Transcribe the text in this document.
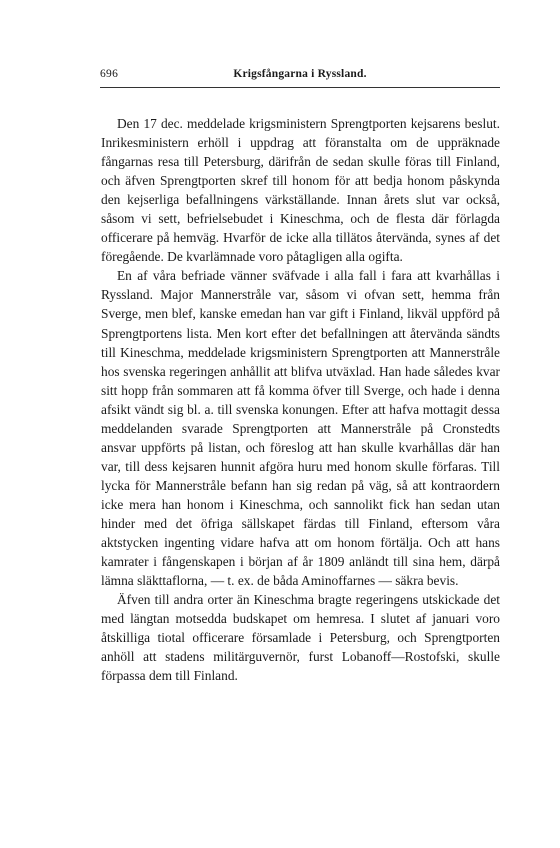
696	Krigsfångarna i Ryssland.

Den 17 dec. meddelade krigsministern Sprengtporten kejsarens beslut. Inrikesministern erhöll i uppdrag att föranstalta om de uppräknade fångarnas resa till Petersburg, därifrån de sedan skulle föras till Finland, och äfven Sprengtporten skref till honom för att bedja honom påskynda den kejserliga befallningens värkställande. Innan årets slut var också, såsom vi sett, befrielsebudet i Kineschma, och de flesta där förlagda officerare på hemväg. Hvarför de icke alla tillätos återvända, synes af det föregående. De kvarlämnade voro påtagligen alla ogifta.

En af våra befriade vänner sväfvade i alla fall i fara att kvarhållas i Ryssland. Major Mannerstråle var, såsom vi ofvan sett, hemma från Sverge, men blef, kanske emedan han var gift i Finland, likväl uppförd på Sprengtportens lista. Men kort efter det befallningen att återvända sändts till Kineschma, meddelade krigsministern Sprengtporten att Mannerstråle hos svenska regeringen anhållit att blifva utväxlad. Han hade således kvar sitt hopp från sommaren att få komma öfver till Sverge, och hade i denna afsikt vändt sig bl. a. till svenska konungen. Efter att hafva mottagit dessa meddelanden svarade Sprengtporten att Mannerstråle på Cronstedts ansvar uppförts på listan, och föreslog att han skulle kvarhållas där han var, till dess kejsaren hunnit afgöra huru med honom skulle förfaras. Till lycka för Mannerstråle befann han sig redan på väg, så att kontraordern icke mera han honom i Kineschma, och sannolikt fick han sedan utan hinder med det öfriga sällskapet färdas till Finland, eftersom våra aktstycken ingenting vidare hafva att om honom förtälja. Och att hans kamrater i fångenskapen i början af år 1809 anländt till sina hem, därpå lämna släkttaflorna, — t. ex. de båda Aminoffarnes — säkra bevis.

Äfven till andra orter än Kineschma bragte regeringens utskickade det med längtan motsedda budskapet om hemresa. I slutet af januari voro åtskilliga tiotal officerare församlade i Petersburg, och Sprengtporten anhöll att stadens militärguvernör, furst Lobanoff—Rostofski, skulle förpassa dem till Finland.
